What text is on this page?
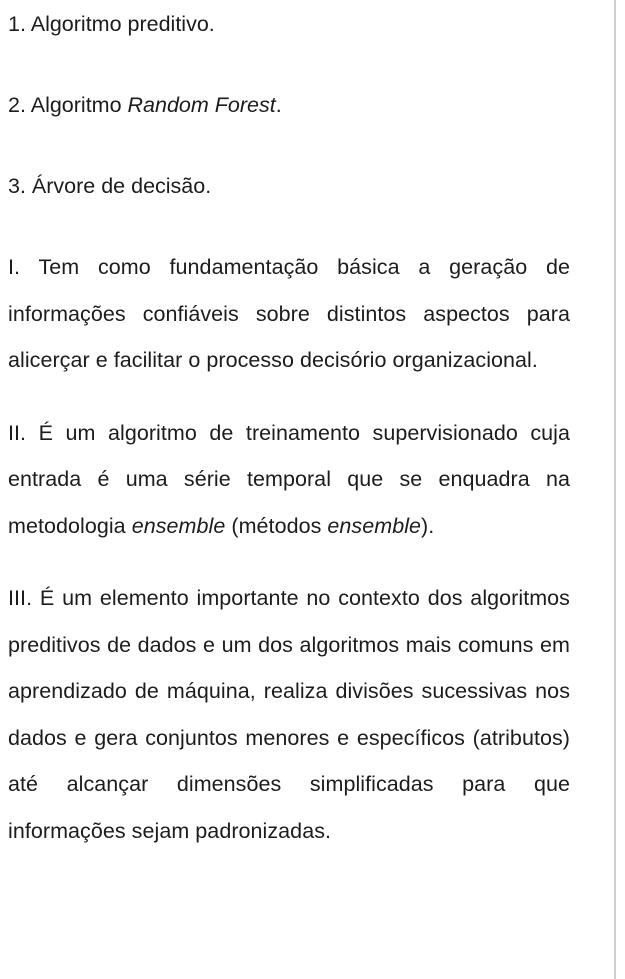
1. Algoritmo preditivo.

2. Algoritmo Random Forest.

3. Árvore de decisão.

I. Tem como fundamentação básica a geração de informações confiáveis sobre distintos aspectos para alicerçar e facilitar o processo decisório organizacional.

II. É um algoritmo de treinamento supervisionado cuja entrada é uma série temporal que se enquadra na metodologia ensemble (métodos ensemble).

III. É um elemento importante no contexto dos algoritmos preditivos de dados e um dos algoritmos mais comuns em aprendizado de máquina, realiza divisões sucessivas nos dados e gera conjuntos menores e específicos (atributos) até alcançar dimensões simplificadas para que informações sejam padronizadas.
